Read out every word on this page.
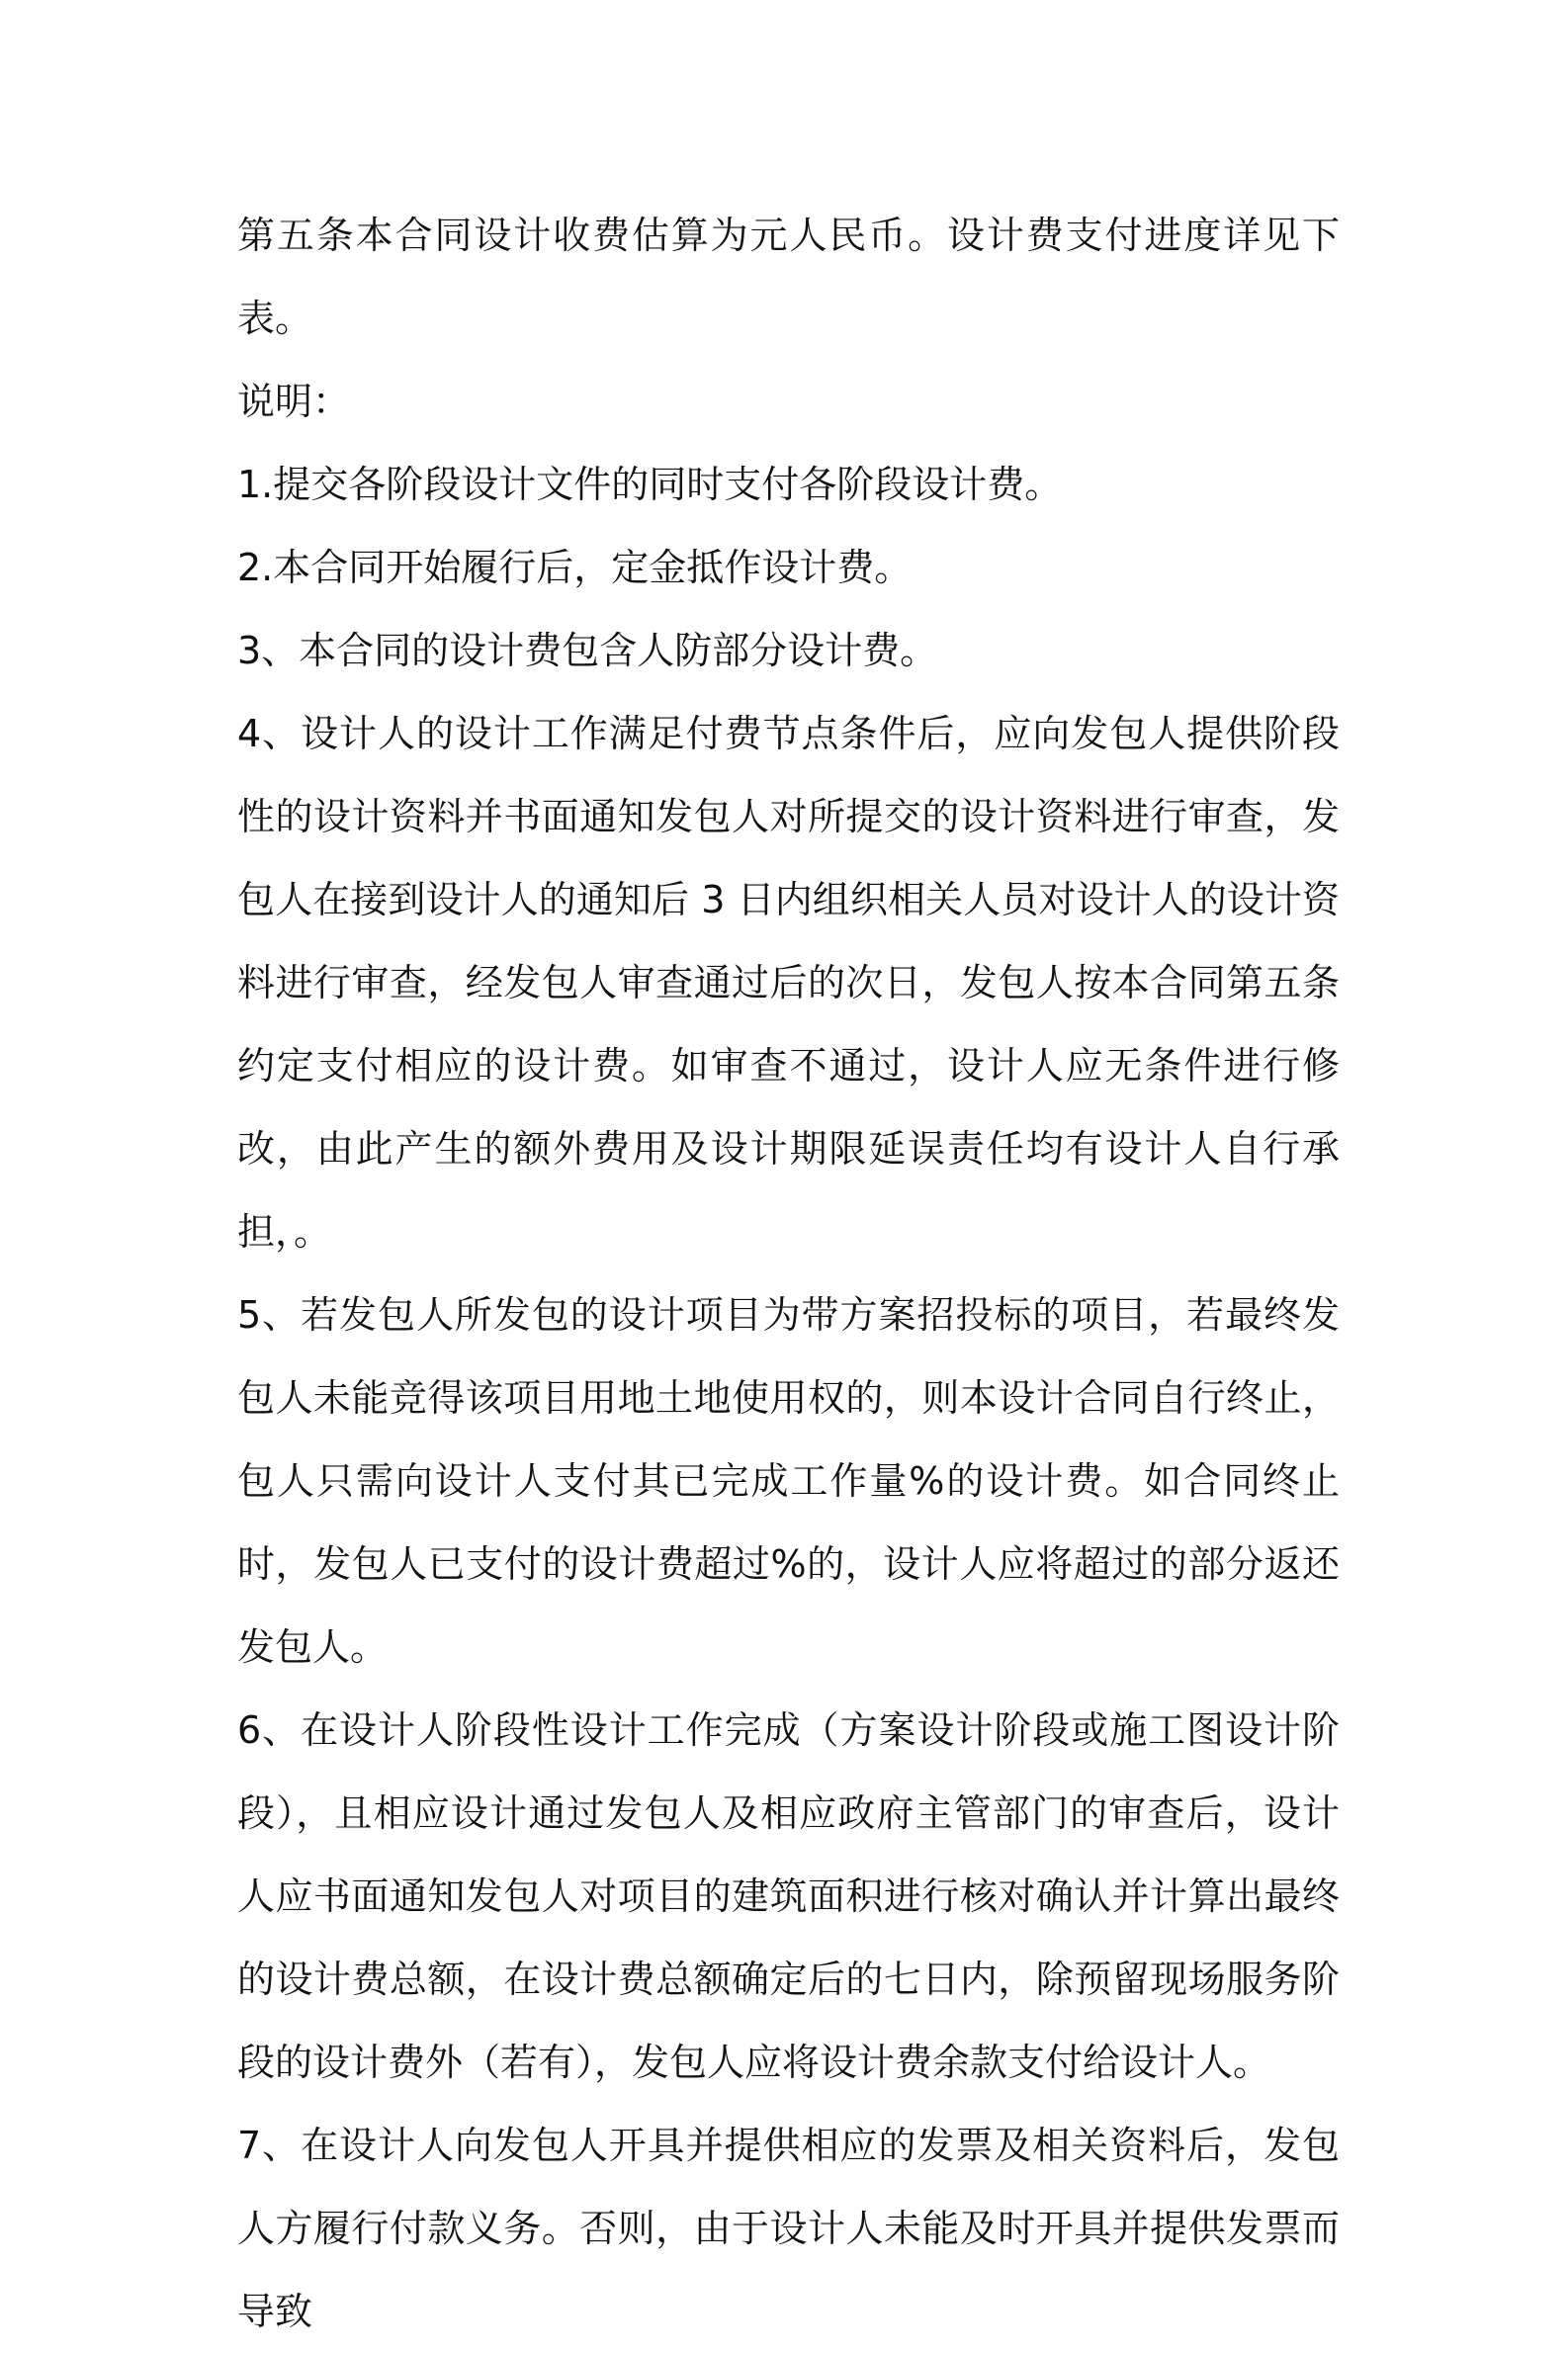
第五条本合同设计收费估算为元人民币。设计费支付进度详见下表。

说明：

1.提交各阶段设计文件的同时支付各阶段设计费。

2.本合同开始履行后，定金抵作设计费。

3、本合同的设计费包含人防部分设计费。

4、设计人的设计工作满足付费节点条件后，应向发包人提供阶段性的设计资料并书面通知发包人对所提交的设计资料进行审查，发包人在接到设计人的通知后 3 日内组织相关人员对设计人的设计资料进行审查，经发包人审查通过后的次日，发包人按本合同第五条约定支付相应的设计费。如审查不通过，设计人应无条件进行修改，由此产生的额外费用及设计期限延误责任均有设计人自行承担，。

5、若发包人所发包的设计项目为带方案招投标的项目，若最终发包人未能竞得该项目用地土地使用权的，则本设计合同自行终止，包人只需向设计人支付其已完成工作量%的设计费。如合同终止时，发包人已支付的设计费超过%的，设计人应将超过的部分返还发包人。

6、在设计人阶段性设计工作完成（方案设计阶段或施工图设计阶段），且相应设计通过发包人及相应政府主管部门的审查后，设计人应书面通知发包人对项目的建筑面积进行核对确认并计算出最终的设计费总额，在设计费总额确定后的七日内，除预留现场服务阶段的设计费外（若有），发包人应将设计费余款支付给设计人。

7、在设计人向发包人开具并提供相应的发票及相关资料后，发包人方履行付款义务。否则，由于设计人未能及时开具并提供发票而导致
